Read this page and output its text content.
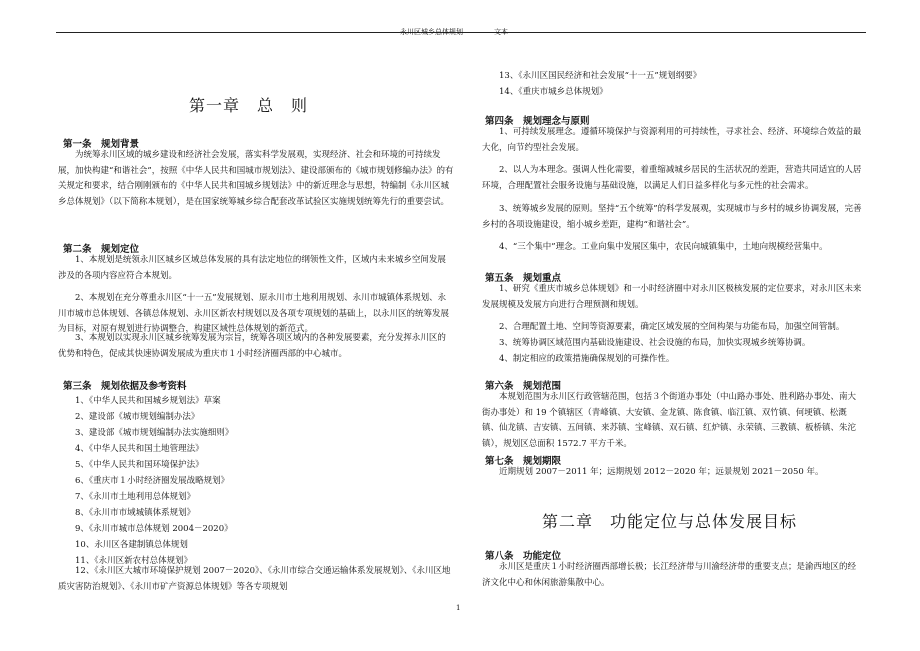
永川区城乡总体规划	文本
第一章　总　则
第一条　规划背景

为统筹永川区域的城乡建设和经济社会发展，落实科学发展观，实现经济、社会和环境的可持续发展，加快构建“和谐社会”，按照《中华人民共和国城市规划法》、建设部颁布的《城市规划修编办法》的有关规定和要求，结合刚刚颁布的《中华人民共和国城乡规划法》中的新近理念与思想，特编制《永川区城乡总体规划》（以下简称本规划），是在国家统筹城乡综合配套改革试验区实施规划统筹先行的重要尝试。

第二条　规划定位

1、本规划是统领永川区城乡区域总体发展的具有法定地位的纲领性文件，区域内未来城乡空间发展涉及的各项内容应符合本规划。

2、本规划在充分尊重永川区“十一五”发展规划、原永川市土地利用规划、永川市城镇体系规划、永川市城市总体规划、各镇总体规划、永川区新农村规划以及各项专项规划的基础上，以永川区的统筹发展为目标，对原有规划进行协调整合，构建区域性总体规划的新范式。

3、本规划以实现永川区城乡统筹发展为宗旨，统筹各项区域内的各种发展要素，充分发挥永川区的优势和特色，促成其快速协调发展成为重庆市１小时经济圈西部的中心城市。

第三条　规划依据及参考资料
1、《中华人民共和国城乡规划法》草案
2、建设部《城市规划编制办法》
3、建设部《城市规划编制办法实施细则》
4、《中华人民共和国土地管理法》
5、《中华人民共和国环境保护法》
6、《重庆市１小时经济圈发展战略规划》
7、《永川市土地利用总体规划》
8、《永川市市域城镇体系规划》
9、《永川市城市总体规划 2004－2020》
10、永川区各建制镇总体规划
11、《永川区新农村总体规划》

12、《永川区大城市环境保护规划 2007－2020》、《永川市综合交通运输体系发展规划》、《永川区地质灾害防治规划》、《永川市矿产资源总体规划》等各专项规划

13、《永川区国民经济和社会发展“十一五”规划纲要》
14、《重庆市城乡总体规划》
第四条　规划理念与原则

1、可持续发展理念。遵循环境保护与资源利用的可持续性，寻求社会、经济、环境综合效益的最大化，向节约型社会发展。

2、以人为本理念。强调人性化需要，着重缩减城乡居民的生活状况的差距，营造共同适宜的人居环境，合理配置社会服务设施与基础设施，以满足人们日益多样化与多元性的社会需求。

3、统筹城乡发展的原则。坚持“五个统筹”的科学发展观，实现城市与乡村的城乡协调发展，完善乡村的各项设施建设，缩小城乡差距，建构“和谐社会”。

4、“三个集中”理念。工业向集中发展区集中，农民向城镇集中，土地向规模经营集中。

第五条　规划重点

1、研究《重庆市城乡总体规划》和一小时经济圈中对永川区极核发展的定位要求，对永川区未来发展规模及发展方向进行合理预测和规划。

2、合理配置土地、空间等资源要素，确定区域发展的空间构架与功能布局，加强空间管制。

3、统筹协调区域范围内基础设施建设、社会设施的布局，加快实现城乡统筹协调。

4、制定相应的政策措施确保规划的可操作性。

第六条　规划范围

本规划范围为永川区行政管辖范围，包括３个街道办事处（中山路办事处、胜利路办事处、南大街办事处）和 19 个镇辖区（青峰镇、大安镇、金龙镇、陈食镇、临江镇、双竹镇、何埂镇、松溉镇、仙龙镇、吉安镇、五间镇、来苏镇、宝峰镇、双石镇、红炉镇、永荣镇、三教镇、板桥镇、朱沱镇），规划区总面积 1572.7 平方千米。

第七条　规划期限

近期规划 2007－2011 年；远期规划 2012－2020 年；远景规划 2021－2050 年。

第二章　功能定位与总体发展目标
第八条　功能定位

永川区是重庆１小时经济圈西部增长极；长江经济带与川渝经济带的重要支点；是渝西地区的经济文化中心和休闲旅游集散中心。

1
